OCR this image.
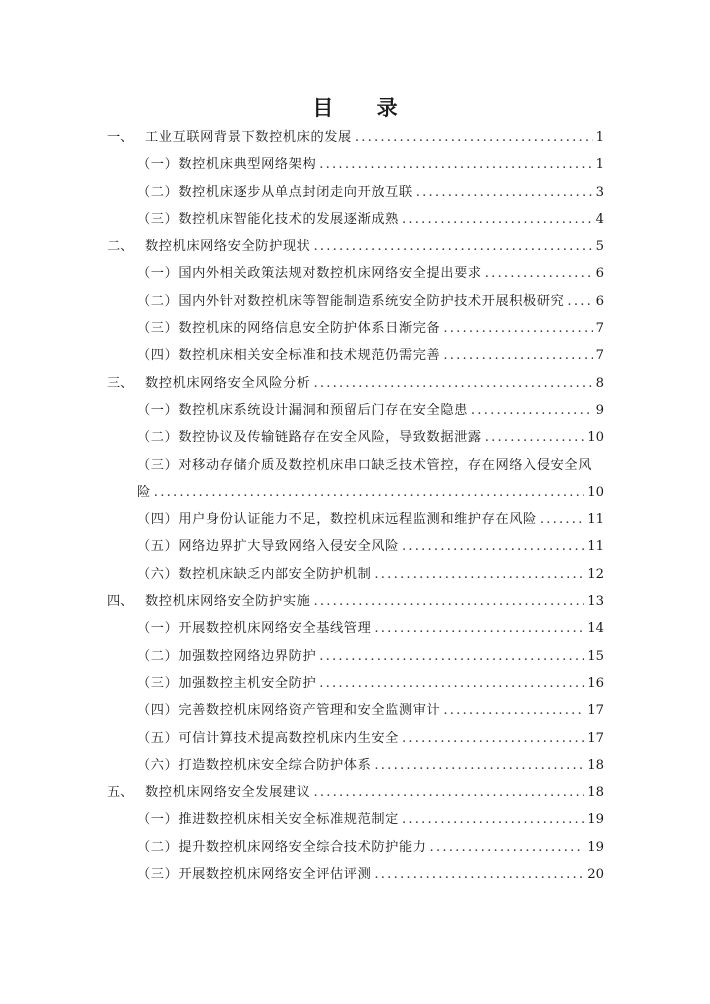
目 录
一、 工业互联网背景下数控机床的发展 .....	1
（一）数控机床典型网络架构 .....	1
（二）数控机床逐步从单点封闭走向开放互联 .....	3
（三）数控机床智能化技术的发展逐渐成熟 .....	4
二、 数控机床网络安全防护现状 .....	5
（一）国内外相关政策法规对数控机床网络安全提出要求 .....	6
（二）国内外针对数控机床等智能制造系统安全防护技术开展积极研究 ..... 6
（三）数控机床的网络信息安全防护体系日渐完备 .....	7
（四）数控机床相关安全标准和技术规范仍需完善 .....	7
三、 数控机床网络安全风险分析 .....	8
（一）数控机床系统设计漏洞和预留后门存在安全隐患 .....	9
（二）数控协议及传输链路存在安全风险，导致数据泄露 .....	10
（三）对移动存储介质及数控机床串口缺乏技术管控，存在网络入侵安全风
险 .....	10
（四）用户身份认证能力不足，数控机床远程监测和维护存在风险 .....	11
（五）网络边界扩大导致网络入侵安全风险 .....	11
（六）数控机床缺乏内部安全防护机制 .....	12
四、 数控机床网络安全防护实施 .....	13
（一）开展数控机床网络安全基线管理 .....	14
（二）加强数控网络边界防护 .....	15
（三）加强数控主机安全防护 .....	16
（四）完善数控机床网络资产管理和安全监测审计 .....	17
（五）可信计算技术提高数控机床内生安全 .....	17
（六）打造数控机床安全综合防护体系 .....	18
五、 数控机床网络安全发展建议 .....	18
（一）推进数控机床相关安全标准规范制定 .....	19
（二）提升数控机床网络安全综合技术防护能力 .....	19
（三）开展数控机床网络安全评估评测 .....	20
